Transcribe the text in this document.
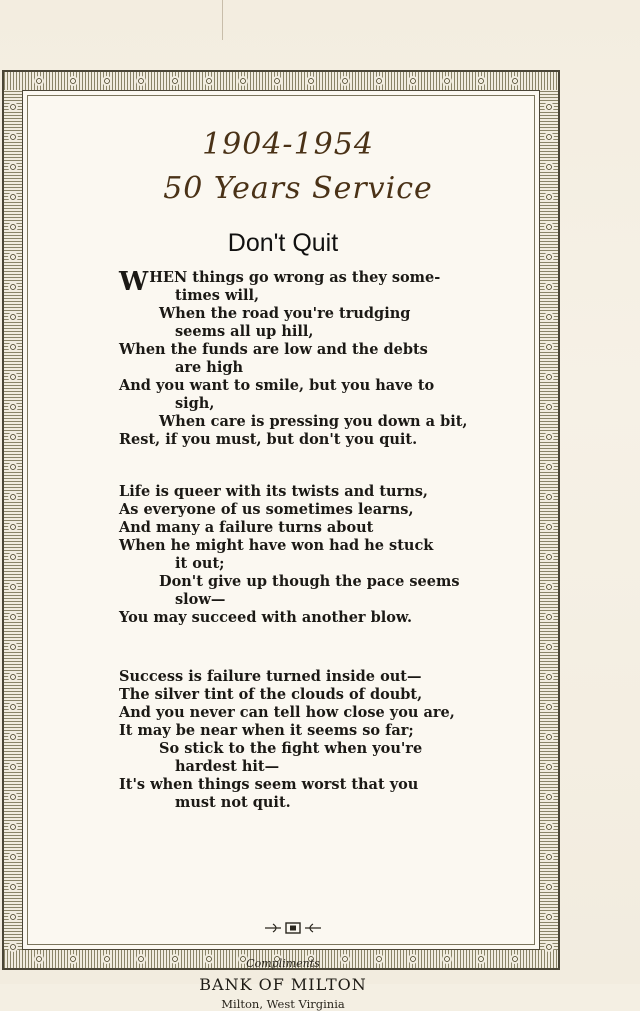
1904-1954
50 Years Service
Don't Quit
WHEN things go wrong as they some-
times will,
When the road you're trudging
seems all up hill,
When the funds are low and the debts
are high
And you want to smile, but you have to
sigh,
When care is pressing you down a bit,
Rest, if you must, but don't you quit.
Life is queer with its twists and turns,
As everyone of us sometimes learns,
And many a failure turns about
When he might have won had he stuck
it out;
Don't give up though the pace seems
slow—
You may succeed with another blow.
Success is failure turned inside out—
The silver tint of the clouds of doubt,
And you never can tell how close you are,
It may be near when it seems so far;
So stick to the fight when you're
hardest hit—
It's when things seem worst that you
must not quit.
Compliments
BANK OF MILTON
Milton, West Virginia
